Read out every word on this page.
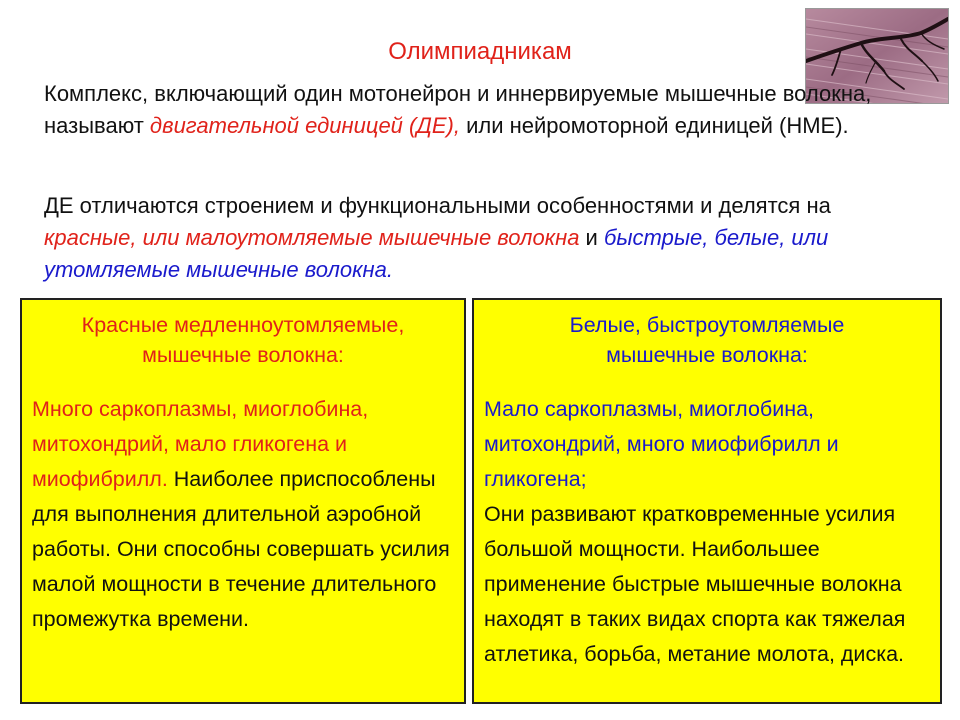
Олимпиадникам
Комплекс, включающий один мотонейрон и иннервируемые мышечные волокна, называют двигательной единицей (ДЕ), или нейромоторной единицей (НМЕ).
ДЕ отличаются строением и функциональными особенностями и делятся на красные, или малоутомляемые мышечные волокна и быстрые, белые, или утомляемые мышечные волокна.
Красные медленноутомляемые,
мышечные волокна:
Много саркоплазмы, миоглобина, митохондрий, мало гликогена и миофибрилл. Наиболее приспособлены для выполнения длительной аэробной работы. Они способны совершать усилия малой мощности в течение длительного промежутка времени.
Белые, быстроутомляемые
мышечные волокна:
Мало саркоплазмы, миоглобина, митохондрий, много миофибрилл и гликогена;
Они развивают кратковременные усилия большой мощности. Наибольшее применение быстрые мышечные волокна находят в таких видах спорта как тяжелая атлетика, борьба, метание молота, диска.
